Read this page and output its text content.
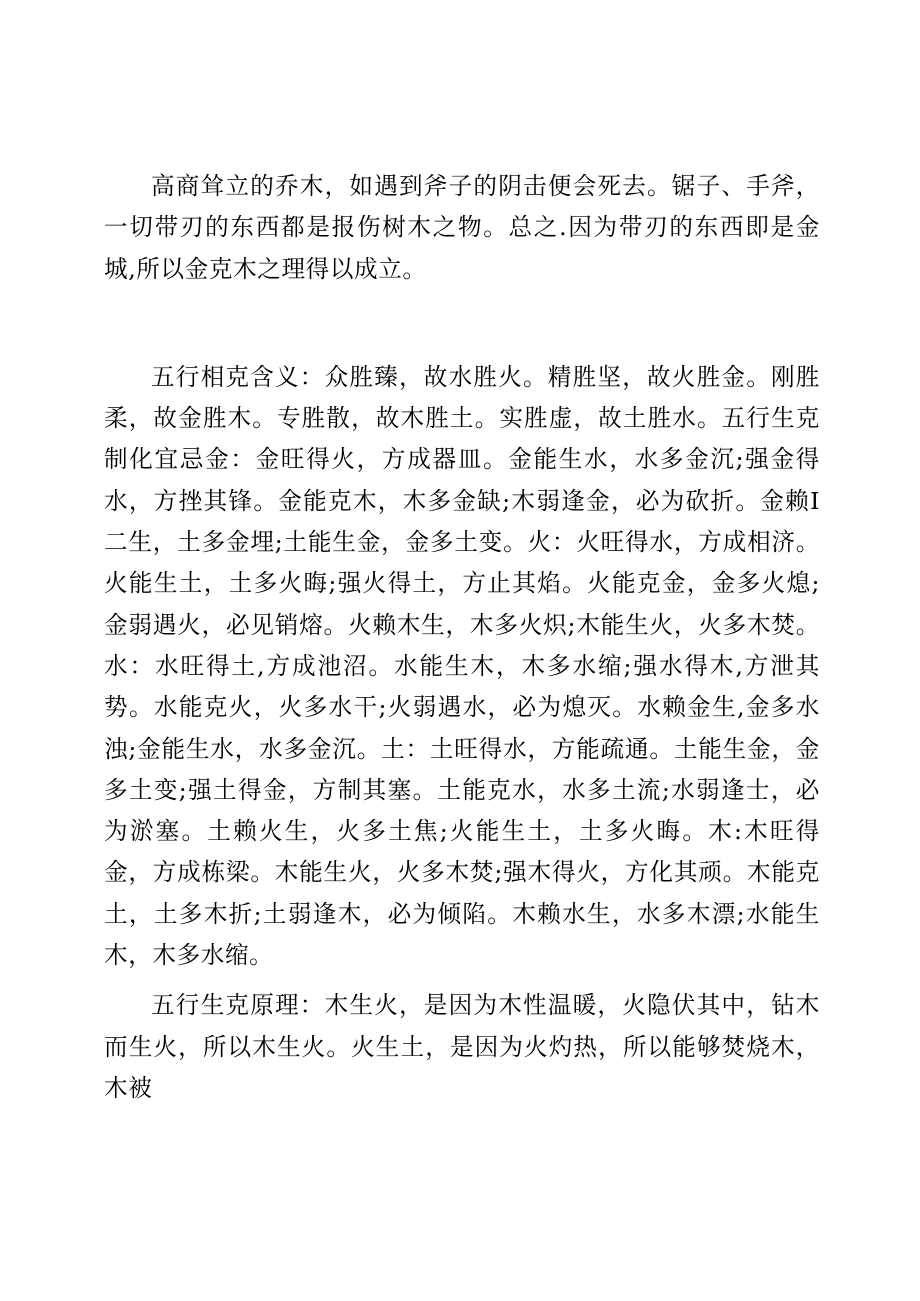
高商耸立的乔木，如遇到斧子的阴击便会死去。锯子、手斧，一切带刃的东西都是报伤树木之物。总之.因为带刃的东西即是金城,所以金克木之理得以成立。

五行相克含义：众胜臻，故水胜火。精胜坚，故火胜金。刚胜柔，故金胜木。专胜散，故木胜土。实胜虚，故土胜水。五行生克制化宜忌金：金旺得火，方成器皿。金能生水，水多金沉;强金得水，方挫其锋。金能克木，木多金缺;木弱逢金，必为砍折。金赖I二生，土多金埋;土能生金，金多土变。火：火旺得水，方成相济。火能生土，土多火晦;强火得土，方止其焰。火能克金，金多火熄;金弱遇火，必见销熔。火赖木生，木多火炽;木能生火，火多木焚。水：水旺得土,方成池沼。水能生木，木多水缩;强水得木,方泄其势。水能克火，火多水干;火弱遇水，必为熄灭。水赖金生,金多水浊;金能生水，水多金沉。土：土旺得水，方能疏通。土能生金，金多土变;强土得金，方制其塞。土能克水，水多土流;水弱逢士，必为淤塞。土赖火生，火多土焦;火能生土，土多火晦。木:木旺得金，方成栋梁。木能生火，火多木焚;强木得火，方化其顽。木能克土，土多木折;土弱逢木，必为倾陷。木赖水生，水多木漂;水能生木，木多水缩。

五行生克原理：木生火，是因为木性温暖，火隐伏其中，钻木而生火，所以木生火。火生土，是因为火灼热，所以能够焚烧木，木被
